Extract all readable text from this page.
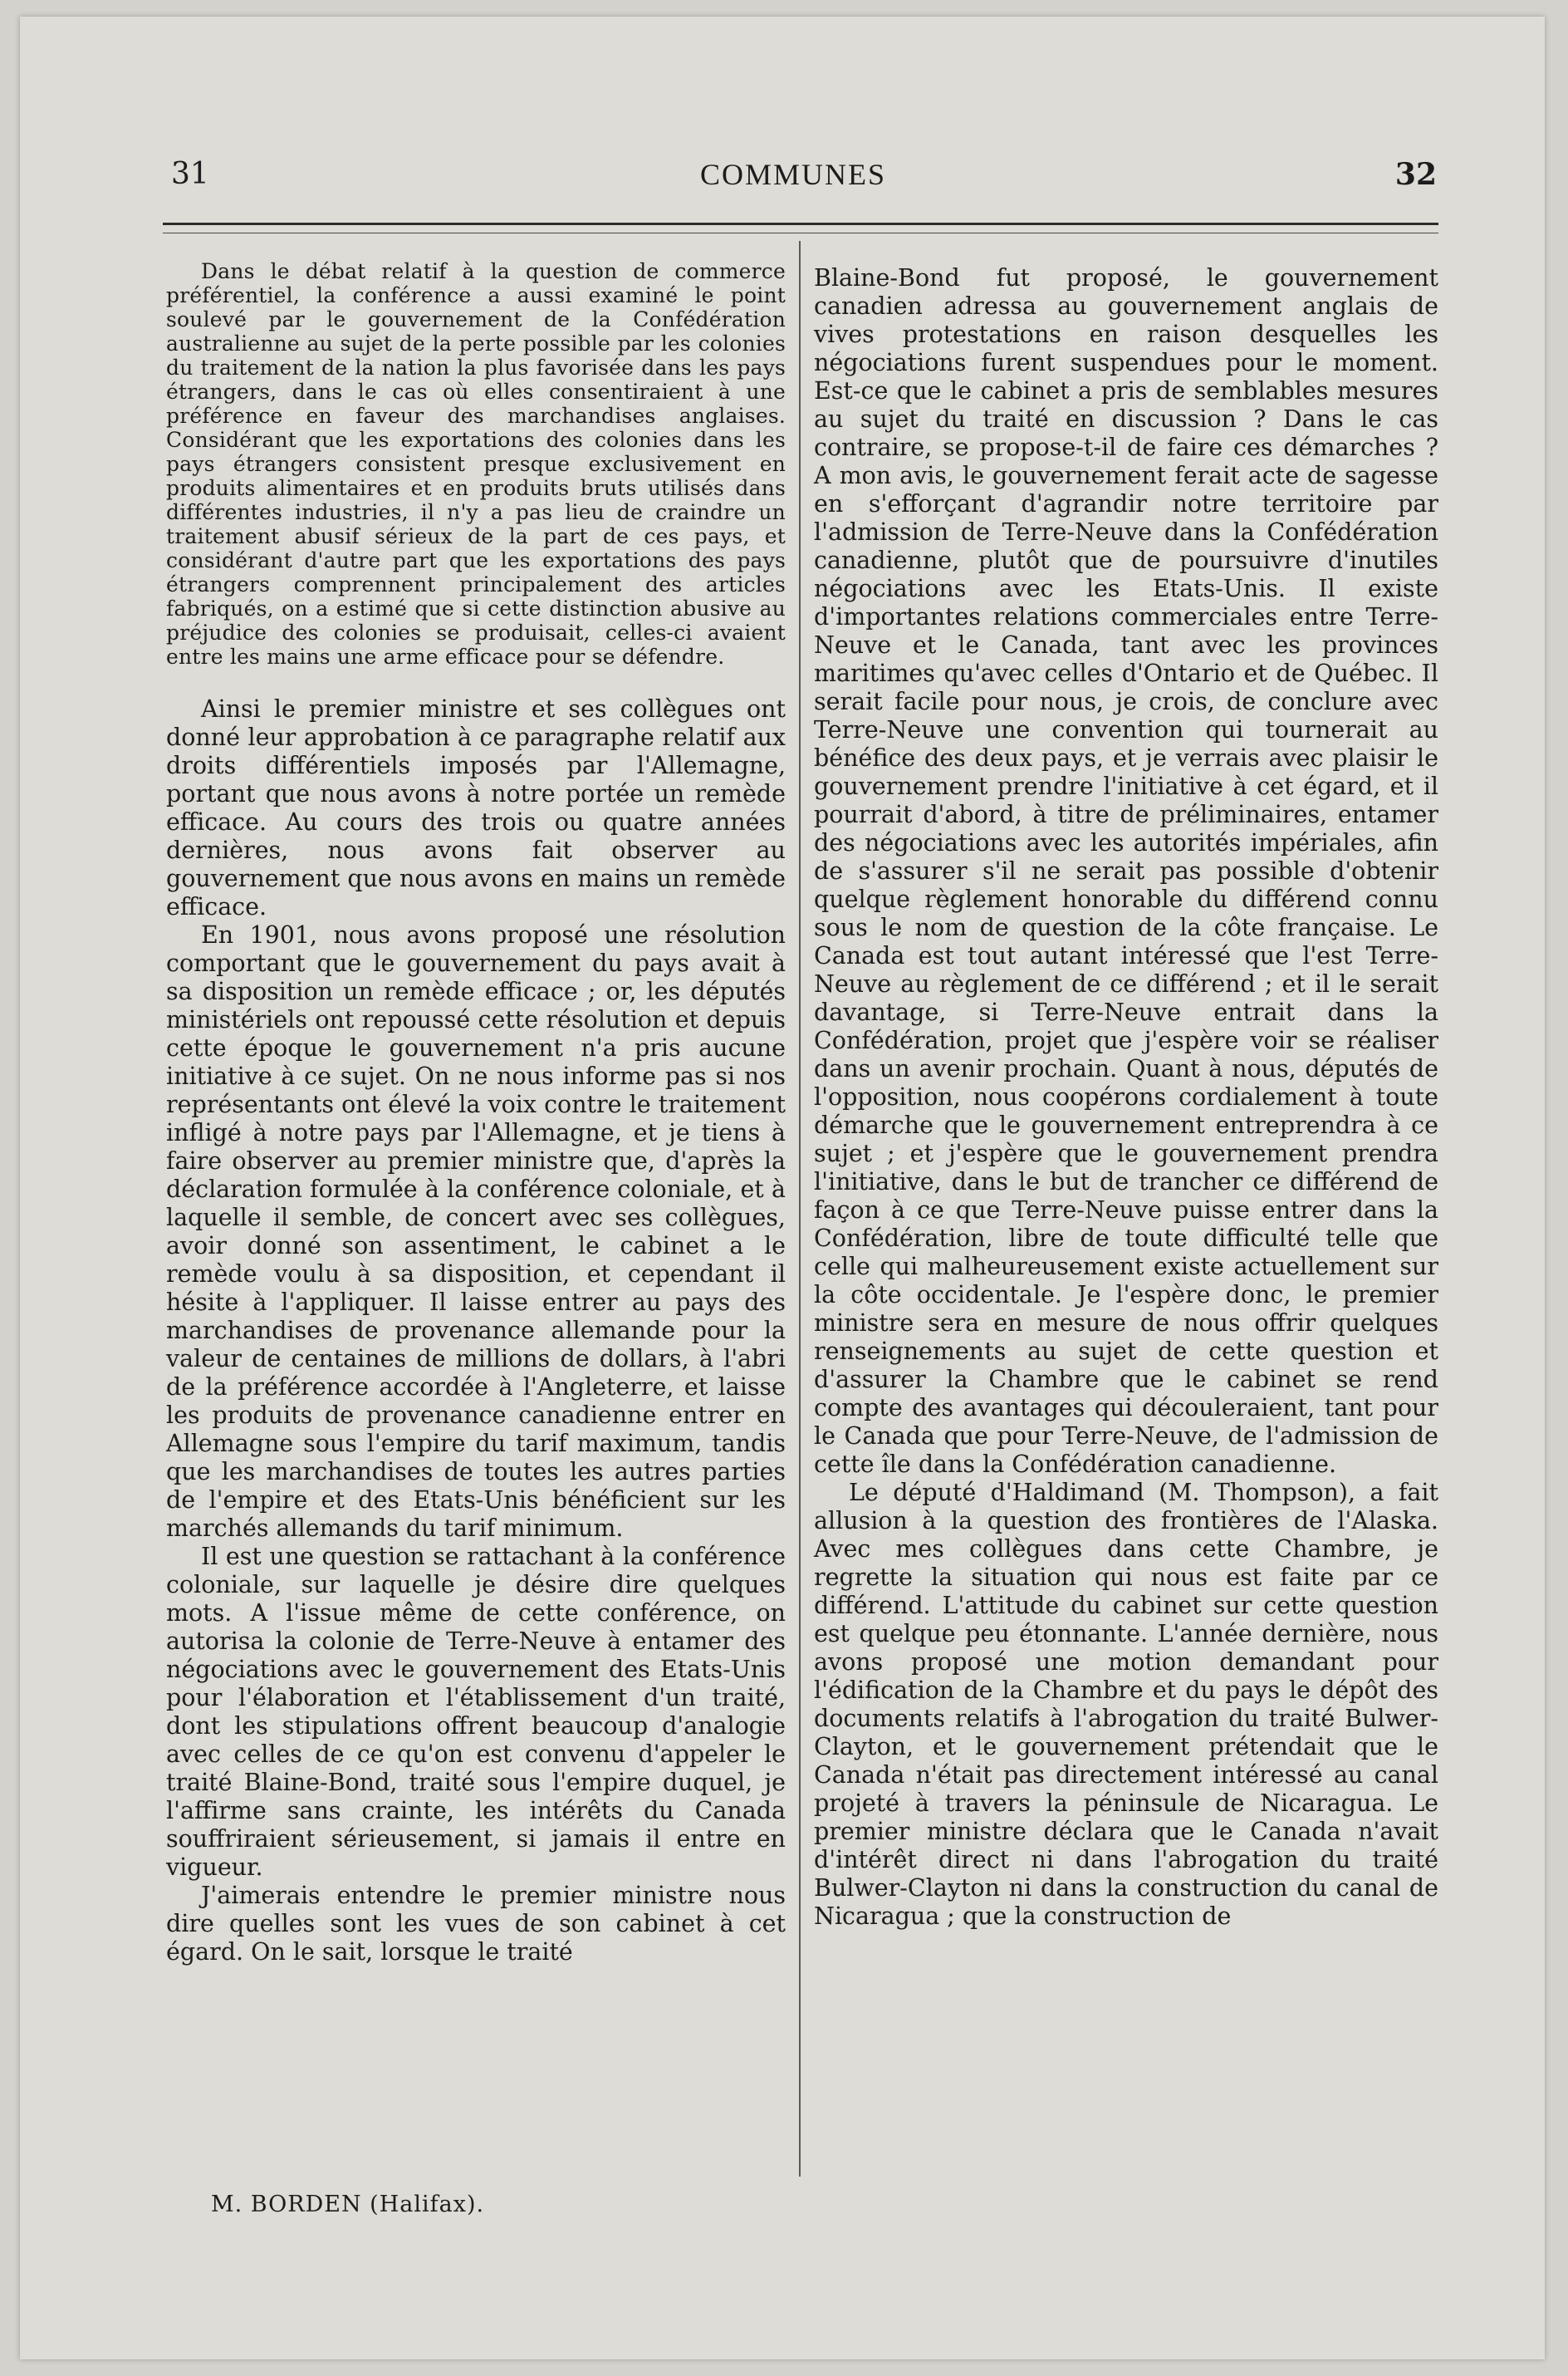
31	COMMUNES	32

Dans le débat relatif à la question de commerce préférentiel, la conférence a aussi examiné le point soulevé par le gouvernement de la Confédération australienne au sujet de la perte possible par les colonies du traitement de la nation la plus favorisée dans les pays étrangers, dans le cas où elles consentiraient à une préférence en faveur des marchandises anglaises. Considérant que les exportations des colonies dans les pays étrangers consistent presque exclusivement en produits alimentaires et en produits bruts utilisés dans différentes industries, il n'y a pas lieu de craindre un traitement abusif sérieux de la part de ces pays, et considérant d'autre part que les exportations des pays étrangers comprennent principalement des articles fabriqués, on a estimé que si cette distinction abusive au préjudice des colonies se produisait, celles-ci avaient entre les mains une arme efficace pour se défendre.

Ainsi le premier ministre et ses collègues ont donné leur approbation à ce paragraphe relatif aux droits différentiels imposés par l'Allemagne, portant que nous avons à notre portée un remède efficace. Au cours des trois ou quatre années dernières, nous avons fait observer au gouvernement que nous avons en mains un remède efficace.

En 1901, nous avons proposé une résolution comportant que le gouvernement du pays avait à sa disposition un remède efficace ; or, les députés ministériels ont repoussé cette résolution et depuis cette époque le gouvernement n'a pris aucune initiative à ce sujet. On ne nous informe pas si nos représentants ont élevé la voix contre le traitement infligé à notre pays par l'Allemagne, et je tiens à faire observer au premier ministre que, d'après la déclaration formulée à la conférence coloniale, et à laquelle il semble, de concert avec ses collègues, avoir donné son assentiment, le cabinet a le remède voulu à sa disposition, et cependant il hésite à l'appliquer. Il laisse entrer au pays des marchandises de provenance allemande pour la valeur de centaines de millions de dollars, à l'abri de la préférence accordée à l'Angleterre, et laisse les produits de provenance canadienne entrer en Allemagne sous l'empire du tarif maximum, tandis que les marchandises de toutes les autres parties de l'empire et des Etats-Unis bénéficient sur les marchés allemands du tarif minimum.

Il est une question se rattachant à la conférence coloniale, sur laquelle je désire dire quelques mots. A l'issue même de cette conférence, on autorisa la colonie de Terre-Neuve à entamer des négociations avec le gouvernement des Etats-Unis pour l'élaboration et l'établissement d'un traité, dont les stipulations offrent beaucoup d'analogie avec celles de ce qu'on est convenu d'appeler le traité Blaine-Bond, traité sous l'empire duquel, je l'affirme sans crainte, les intérêts du Canada souffriraient sérieusement, si jamais il entre en vigueur.

J'aimerais entendre le premier ministre nous dire quelles sont les vues de son cabinet à cet égard. On le sait, lorsque le traité

Blaine-Bond fut proposé, le gouvernement canadien adressa au gouvernement anglais de vives protestations en raison desquelles les négociations furent suspendues pour le moment. Est-ce que le cabinet a pris de semblables mesures au sujet du traité en discussion ? Dans le cas contraire, se propose-t-il de faire ces démarches ? A mon avis, le gouvernement ferait acte de sagesse en s'efforçant d'agrandir notre territoire par l'admission de Terre-Neuve dans la Confédération canadienne, plutôt que de poursuivre d'inutiles négociations avec les Etats-Unis. Il existe d'importantes relations commerciales entre Terre-Neuve et le Canada, tant avec les provinces maritimes qu'avec celles d'Ontario et de Québec. Il serait facile pour nous, je crois, de conclure avec Terre-Neuve une convention qui tournerait au bénéfice des deux pays, et je verrais avec plaisir le gouvernement prendre l'initiative à cet égard, et il pourrait d'abord, à titre de préliminaires, entamer des négociations avec les autorités impériales, afin de s'assurer s'il ne serait pas possible d'obtenir quelque règlement honorable du différend connu sous le nom de question de la côte française. Le Canada est tout autant intéressé que l'est Terre-Neuve au règlement de ce différend ; et il le serait davantage, si Terre-Neuve entrait dans la Confédération, projet que j'espère voir se réaliser dans un avenir prochain. Quant à nous, députés de l'opposition, nous coopérons cordialement à toute démarche que le gouvernement entreprendra à ce sujet ; et j'espère que le gouvernement prendra l'initiative, dans le but de trancher ce différend de façon à ce que Terre-Neuve puisse entrer dans la Confédération, libre de toute difficulté telle que celle qui malheureusement existe actuellement sur la côte occidentale. Je l'espère donc, le premier ministre sera en mesure de nous offrir quelques renseignements au sujet de cette question et d'assurer la Chambre que le cabinet se rend compte des avantages qui découleraient, tant pour le Canada que pour Terre-Neuve, de l'admission de cette île dans la Confédération canadienne.

Le député d'Haldimand (M. Thompson), a fait allusion à la question des frontières de l'Alaska. Avec mes collègues dans cette Chambre, je regrette la situation qui nous est faite par ce différend. L'attitude du cabinet sur cette question est quelque peu étonnante. L'année dernière, nous avons proposé une motion demandant pour l'édification de la Chambre et du pays le dépôt des documents relatifs à l'abrogation du traité Bulwer-Clayton, et le gouvernement prétendait que le Canada n'était pas directement intéressé au canal projeté à travers la péninsule de Nicaragua. Le premier ministre déclara que le Canada n'avait d'intérêt direct ni dans l'abrogation du traité Bulwer-Clayton ni dans la construction du canal de Nicaragua ; que la construction de

M. BORDEN (Halifax).
